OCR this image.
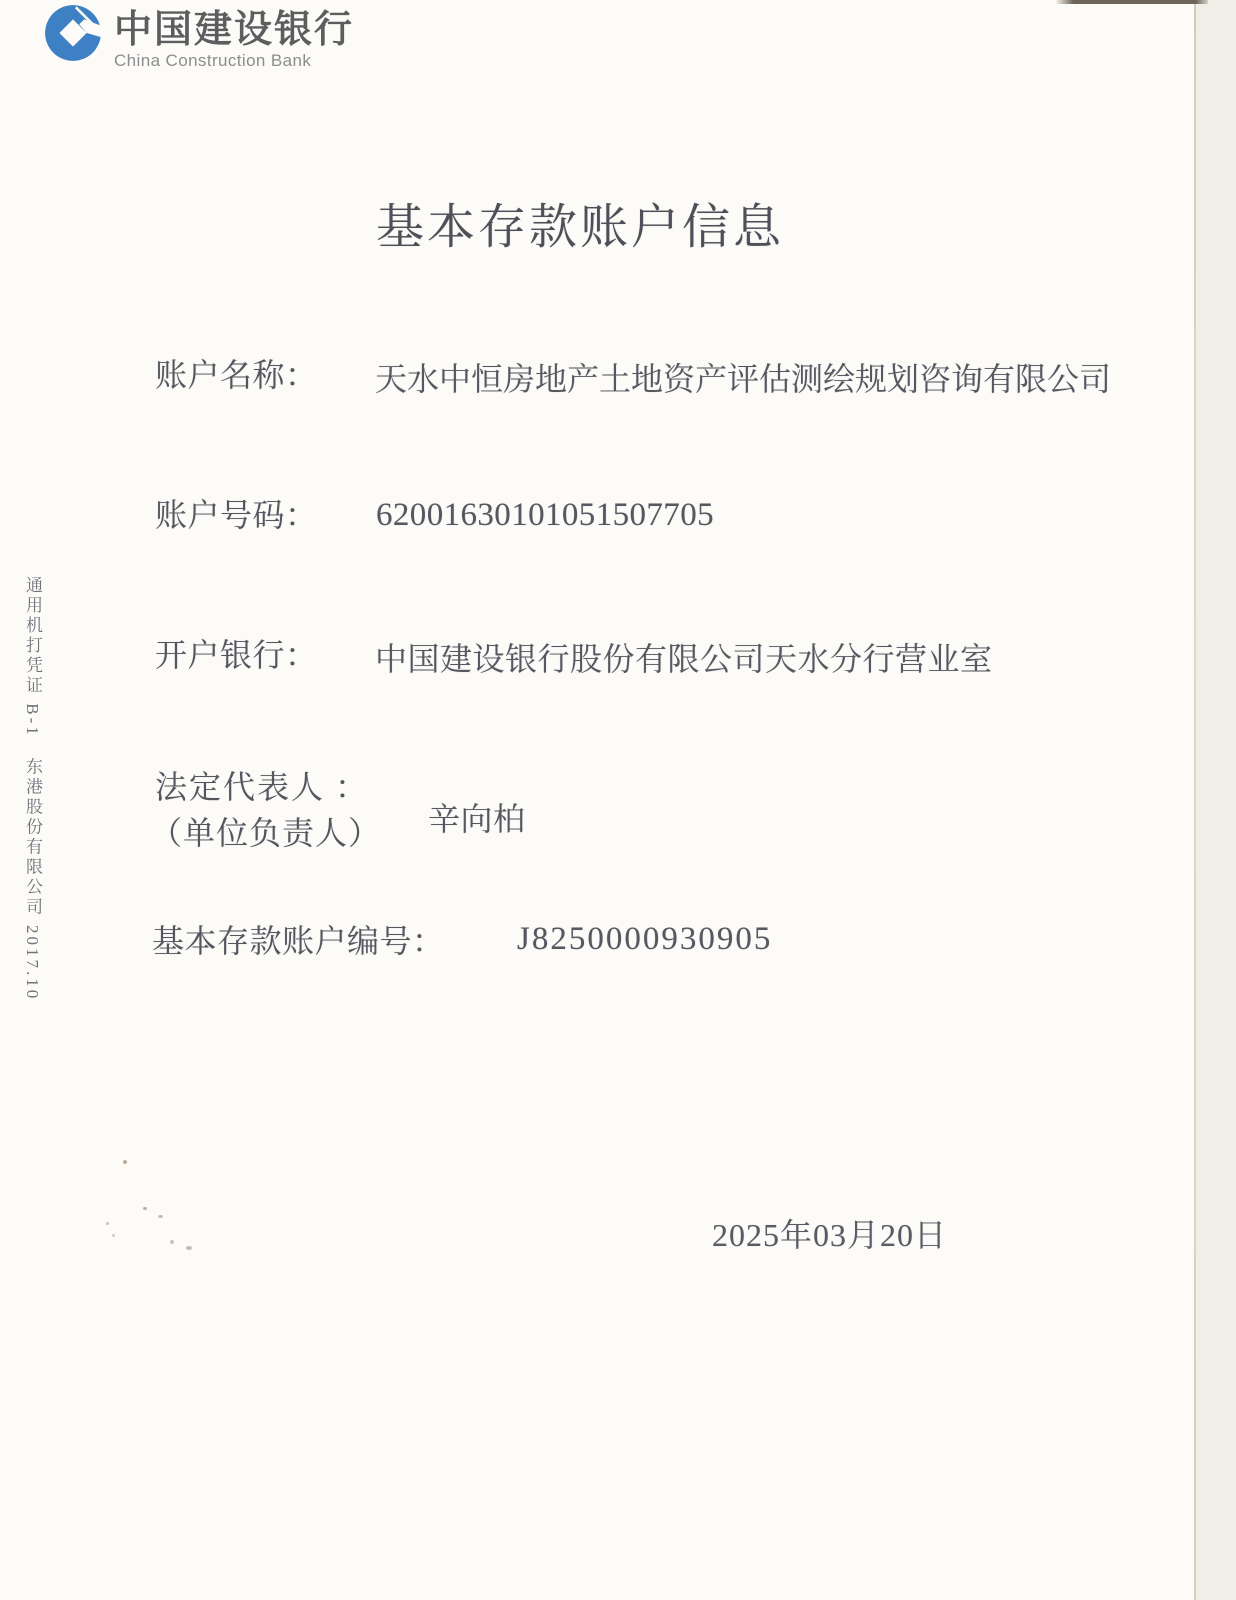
中国建设银行
China Construction Bank
通用机打凭证 B-1　东港股份有限公司 2017.10
基本存款账户信息
账户名称： 天水中恒房地产土地资产评估测绘规划咨询有限公司
账户号码： 62001630101051507705
开户银行： 中国建设银行股份有限公司天水分行营业室
法定代表人 ：
（单位负责人） 辛向柏
基本存款账户编号： J8250000930905
2025年03月20日
